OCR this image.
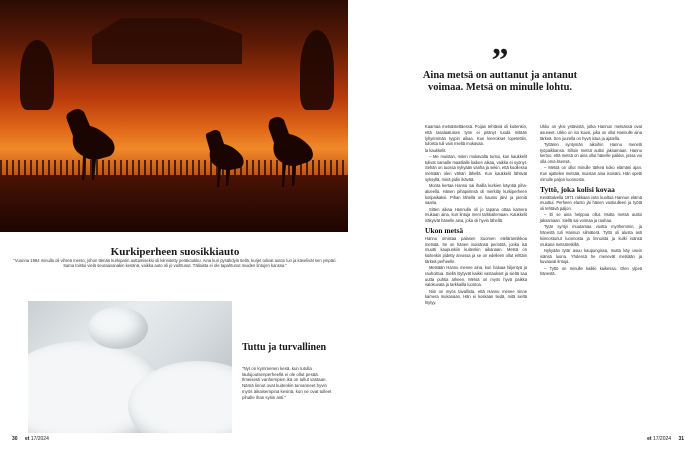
Kurkiperheen suosikkiauto
”Vuonna 1994 minulla oli vihreä merso, johon tämän kurkiparin auttamiseksi oli kiinnitetty peräkoukku. Aina kun pysähdyin tiellä, kurjet tulivat auton luo ja kävelivät sen ympäri. Sama toistui vielä seuraavanakin kesänä, vaikka auto oli jo vaihtunut. Tällaista ei ole tapahtunut muiden lintujen kanssa.”
Tuttu ja turvallinen
”Nyt on kymmenen kesä, kun tutulla laulujoutsenperheellä ei ole ollut pesää. Ilmeisesti vanhempien ikä on tullut vastaan. Nämä linnut ovat kuitenkin turvanneet hyvin myös aikaisempina kesinä, kun ne ovat tulleet pihalle ihan syliin asti.”
30 et 17/2024
”
Aina metsä on auttanut ja antanut voimaa. Metsä on minulle lohtu.

Kaarnaa metsästettäessä. Poijan tehtäviä oli kuitenkin, että tasalaatuisen työn ei pitänyt tuoda mitään lyhyemmän tyypin aikaa. Kun kierrokset lopetettiin, tuloista tuli vain mieltä mukavaa.

la kaukkelit.

– Me muistan, miten mukavalta tuntui, kun kaukkelit tulivat samalle maatilalle kaiken aikaa, vaikka ei syönyt. Sehän on tuossa nykyään vanha ja sekin, että kuollessa metsään olen vähän lähellä. Kun kaukkelit lähtivät syksyllä, minä pidin ikävää.

Monta kertaa Hannu sai ihailla kurkien käyntiä piha-alueella. Hänen pihapiirinsä oli merkitty kurkiperheen kotipaikaksi. Pihan lähellä on kaunis järvi ja pieniä saaria.

Sitten aikaa Hannulla oli jo tapana ottaa kamera mukaan aina, kun lintuja meni tarkkailemaan. Kaukkelit näkyivät hänelle aina, joka oli hyvin lähellä.

Ukon metsä

Hannu omistaa palasen Suomen etelärannikkoa metsää. Se on hänen isoisänsä perintöä, jonka isä muutti kaupunkiin kuitenkin aikanaan. Metsä on kuitenkin pidetty arvossa ja se on edelleen ollut erittäin tärkeä perheelle.

Metsään Hannu menee aina, kun haluaa hiljentyä ja rauhoittua. Siellä löytyvät kaikki vastaukset ja sieltä saa uutta puhtia arkeen. Metsä on myös hyvä paikka valokuvata ja tarkkailla luontoa.

Niin on myös tavallista, että Hannu menee sinne kamera mukanaan. Hän ei koskaan tiedä, mitä sieltä löytyy.

Ukko on yksi ystävistä, jotka Hannun metsässä ovat asuneet. Ukko on iso kuusi, joka on ollut Hannulle aina tärkeä. Sen juurella on hyvä istua ja ajatella.

Tyttären syntymän aikoihin Hannu menetti työpaikkansa. Silloin metsä auttoi jaksamaan. Hannu kertoo, että metsä on aina ollut hänelle paikka, jossa voi olla oma itsensä.

– Metsä on ollut minulle tärkeä koko elämäni ajan. Kun ajattelen metsää, muistan aina isoisäni. Hän opetti minulle paljon luonnosta.

Tyttö, joka kolisi kovaa

Kevättalvella 1971 rakkaan isän kuoltua Hannun elämä muuttui. Perheen elanto jäi hänen vastuulleen ja työtä oli tehtävä paljon.

– Ei se aina helppoa ollut. Mutta metsä auttoi jaksamaan. Siellä sai voimaa ja rauhaa.

Tytär syntyi muutamaa vuotta myöhemmin, ja hänestä tuli Hannun silmäterä. Tyttö oli alusta asti kiinnostunut luonnosta ja linnuista ja kulki isänsä mukana metsäretkillä.

Nykyään tytär asuu kaupungissa, mutta käy usein isänsä luona. Yhdessä he menevät metsään ja kuvaavat lintuja.

– Tyttö on minulle kaikki kaikessa. Olen ylpeä hänestä.

et 17/2024 31
